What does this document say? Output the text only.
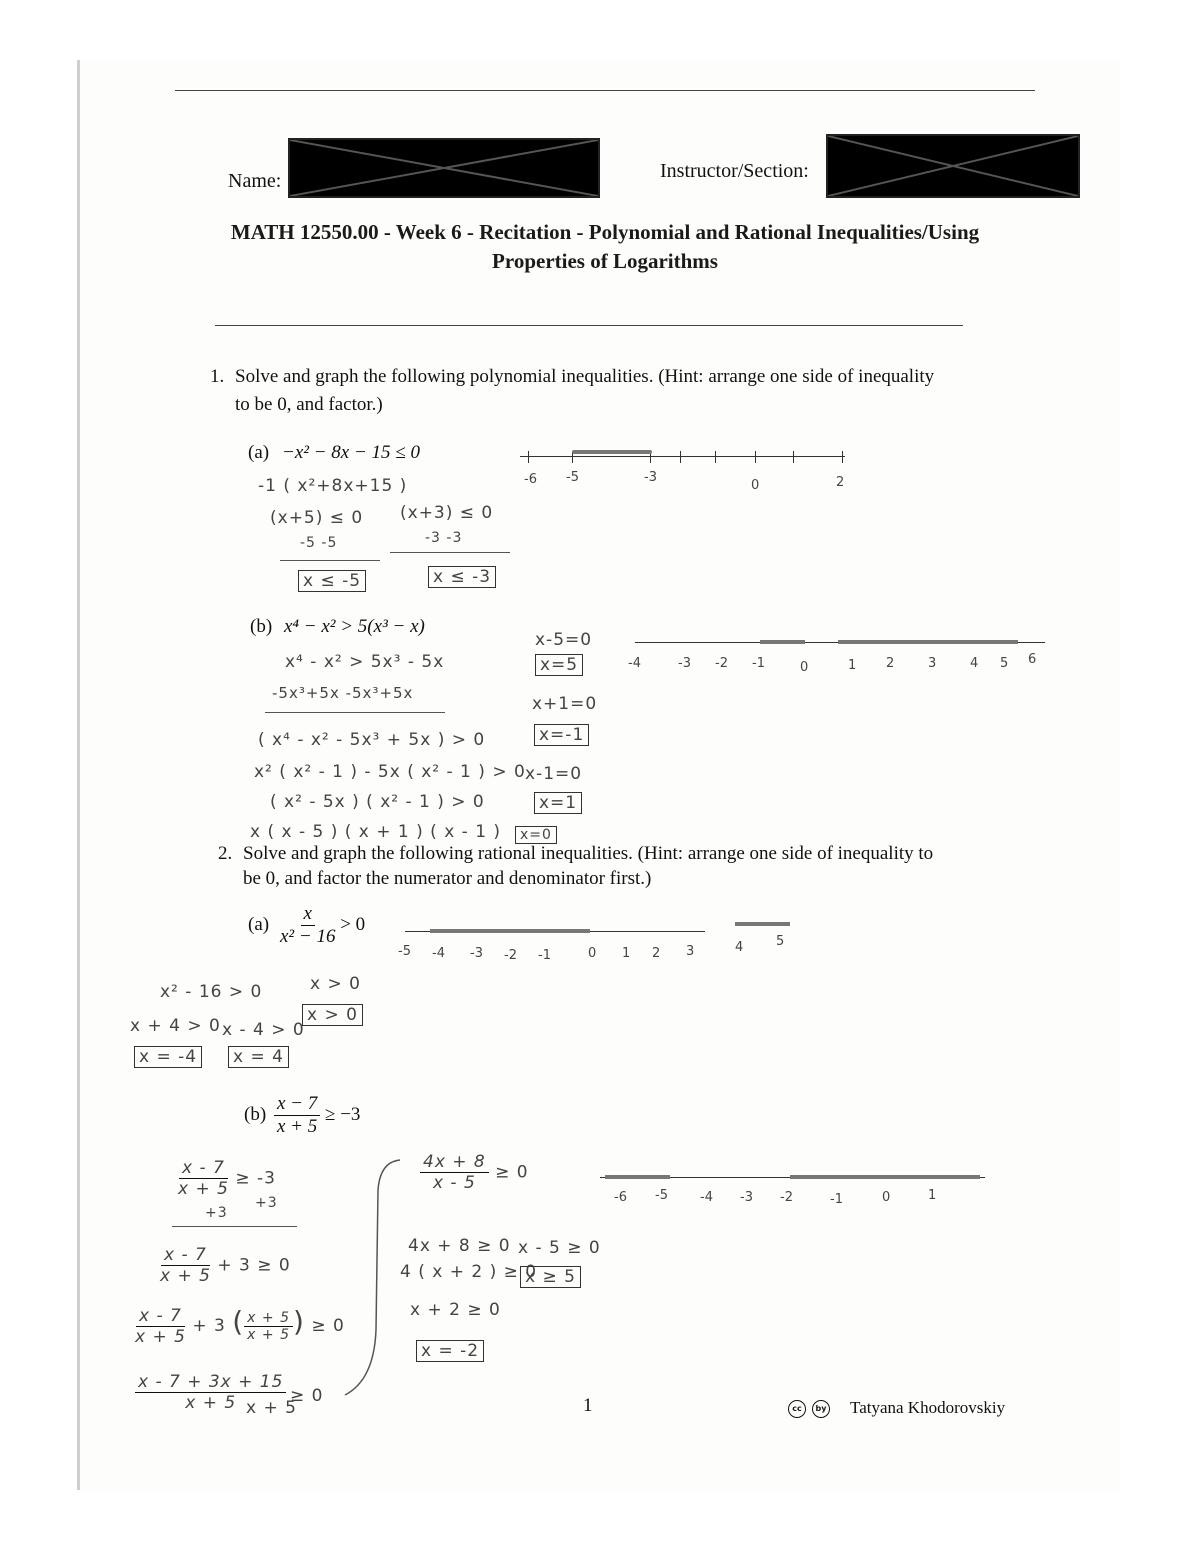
Name:	Instructor/Section:
MATH 12550.00 - Week 6 - Recitation - Polynomial and Rational Inequalities/Using
Properties of Logarithms
1. Solve and graph the following polynomial inequalities. (Hint: arrange one side of inequality
to be 0, and factor.)
(a) −x² − 8x − 15 ≤ 0
-1 ( x²+8x+15 )
(x+5) ≤ 0 (x+3) ≤ 0
-5 -5	-3 -3
x ≤ -5	x ≤ -3
-6 -5	-3
0	2
(b) x⁴ − x² > 5(x³ − x)
x⁴ - x² > 5x³ - 5x
-5x³+5x -5x³+5x
( x⁴ - x² - 5x³ + 5x ) > 0
x² ( x² - 1 ) - 5x ( x² - 1 ) > 0
( x² - 5x ) ( x² - 1 ) > 0
x ( x - 5 ) ( x + 1 ) ( x - 1 )
x-5=0
x=5
x+1=0
x=-1
x-1=0
x=1
x=0
-4	-3 -2 -1	0	1 2	3	4 5 6
2. Solve and graph the following rational inequalities. (Hint: arrange one side of inequality to
be 0, and factor the numerator and denominator first.)
$(a) \frac{x}{\text{x² − 16}} > 0$
x² - 16 > 0	x > 0
x + 4 > 0 x - 4 > 0
x > 0
x = -4 x = 4
-5 -4 -3 -2 -1	0 1 2 3	4	5
$(b) \frac{x - 7}{x + 5} \ge -3$
$\frac{x - 7}{x + 5} \ge -3$
+3
+3
$\frac{x - 7}{x + 5} + 3 \ge 0$
$\frac{x - 7}{x + 5} + 3$ ( $\frac{x + 5}{x + 5}$ ) ≥ 0
$\frac{x - 7 + 3x + 15}{x + 5}$
x + 5
≥ 0
$\frac{4x + 8}{x - 5} \ge 0$
4x + 8 ≥ 0 x - 5 ≥ 0
4 ( x + 2 ) ≥ 0
x ≥ 5
x + 2 ≥ 0
x = -2
-6 -5 -4 -3 -2	-1	0	1
1	cc	by Tatyana Khodorovskiy
